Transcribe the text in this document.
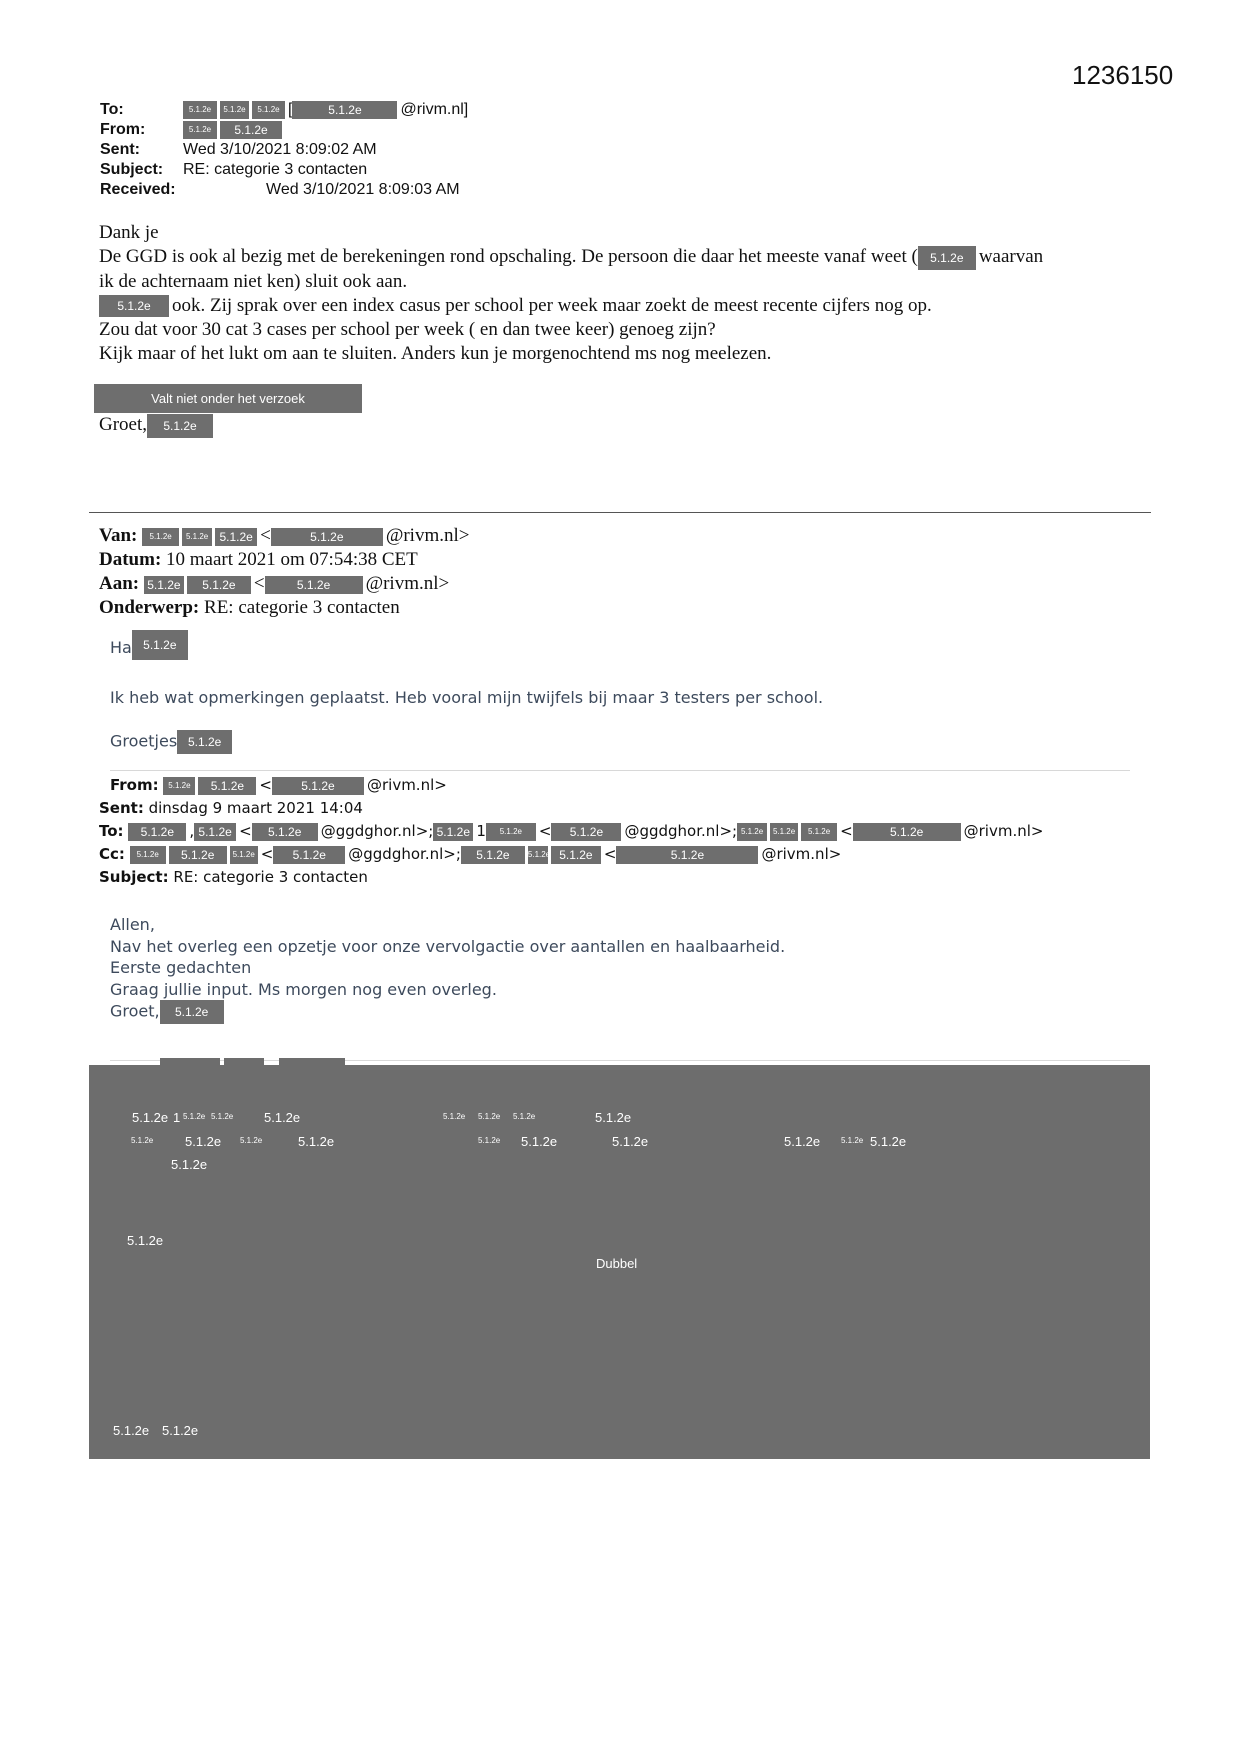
1236150
To:	5.1.2e 5.1.2e 5.1.2e [	5.1.2e @rivm.nl]
From:	5.1.2e 5.1.2e
Sent:	Wed 3/10/2021 8:09:02 AM
Subject: RE: categorie 3 contacten
Received:	Wed 3/10/2021 8:09:03 AM
Dank je
De GGD is ook al bezig met de berekeningen rond opschaling. De persoon die daar het meeste vanaf weet ( 5.1.2e waarvan
ik de achternaam niet ken) sluit ook aan.
5.1.2e ook. Zij sprak over een index casus per school per week maar zoekt de meest recente cijfers nog op.
Zou dat voor 30 cat 3 cases per school per week ( en dan twee keer) genoeg zijn?
Kijk maar of het lukt om aan te sluiten. Anders kun je morgenochtend ms nog meelezen.
Valt niet onder het verzoek
Groet, 5.1.2e
Van: 5.1.2e 5.1.2e 5.1.2e <	5.1.2e @rivm.nl>
Datum: 10 maart 2021 om 07:54:38 CET
Aan: 5.1.2e 5.1.2e <	5.1.2e @rivm.nl>
Onderwerp: RE: categorie 3 contacten
Ha 5.1.2e
Ik heb wat opmerkingen geplaatst. Heb vooral mijn twijfels bij maar 3 testers per school.
Groetjes 5.1.2e
From: 5.1.2e 5.1.2e < 5.1.2e @rivm.nl>
Sent: dinsdag 9 maart 2021 14:04
To: 5.1.2e , 5.1.2e < 5.1.2e @ggdghor.nl>; 5.1.2e 1 5.1.2e < 5.1.2e @ggdghor.nl>; 5.1.2e 5.1.2e 5.1.2e <	5.1.2e	@rivm.nl>
Cc: 5.1.2e 5.1.2e 5.1.2e < 5.1.2e @ggdghor.nl>; 5.1.2e 5.1.2e 5.1.2e <	5.1.2e	@rivm.nl>
Subject: RE: categorie 3 contacten
Allen,
Nav het overleg een opzetje voor onze vervolgactie over aantallen en haalbaarheid.
Eerste gedachten
Graag jullie input. Ms morgen nog even overleg.
Groet, 5.1.2e
5.1.2e 1 5.1.2e 5.1.2e 5.1.2e	5.1.2e 5.1.2e 5.1.2e	5.1.2e
5.1.2e 5.1.2e 5.1.2e	5.1.2e	5.1.2e 5.1.2e	5.1.2e	5.1.2e	5.1.2e 5.1.2e
5.1.2e
5.1.2e
Dubbel
5.1.2e 5.1.2e
